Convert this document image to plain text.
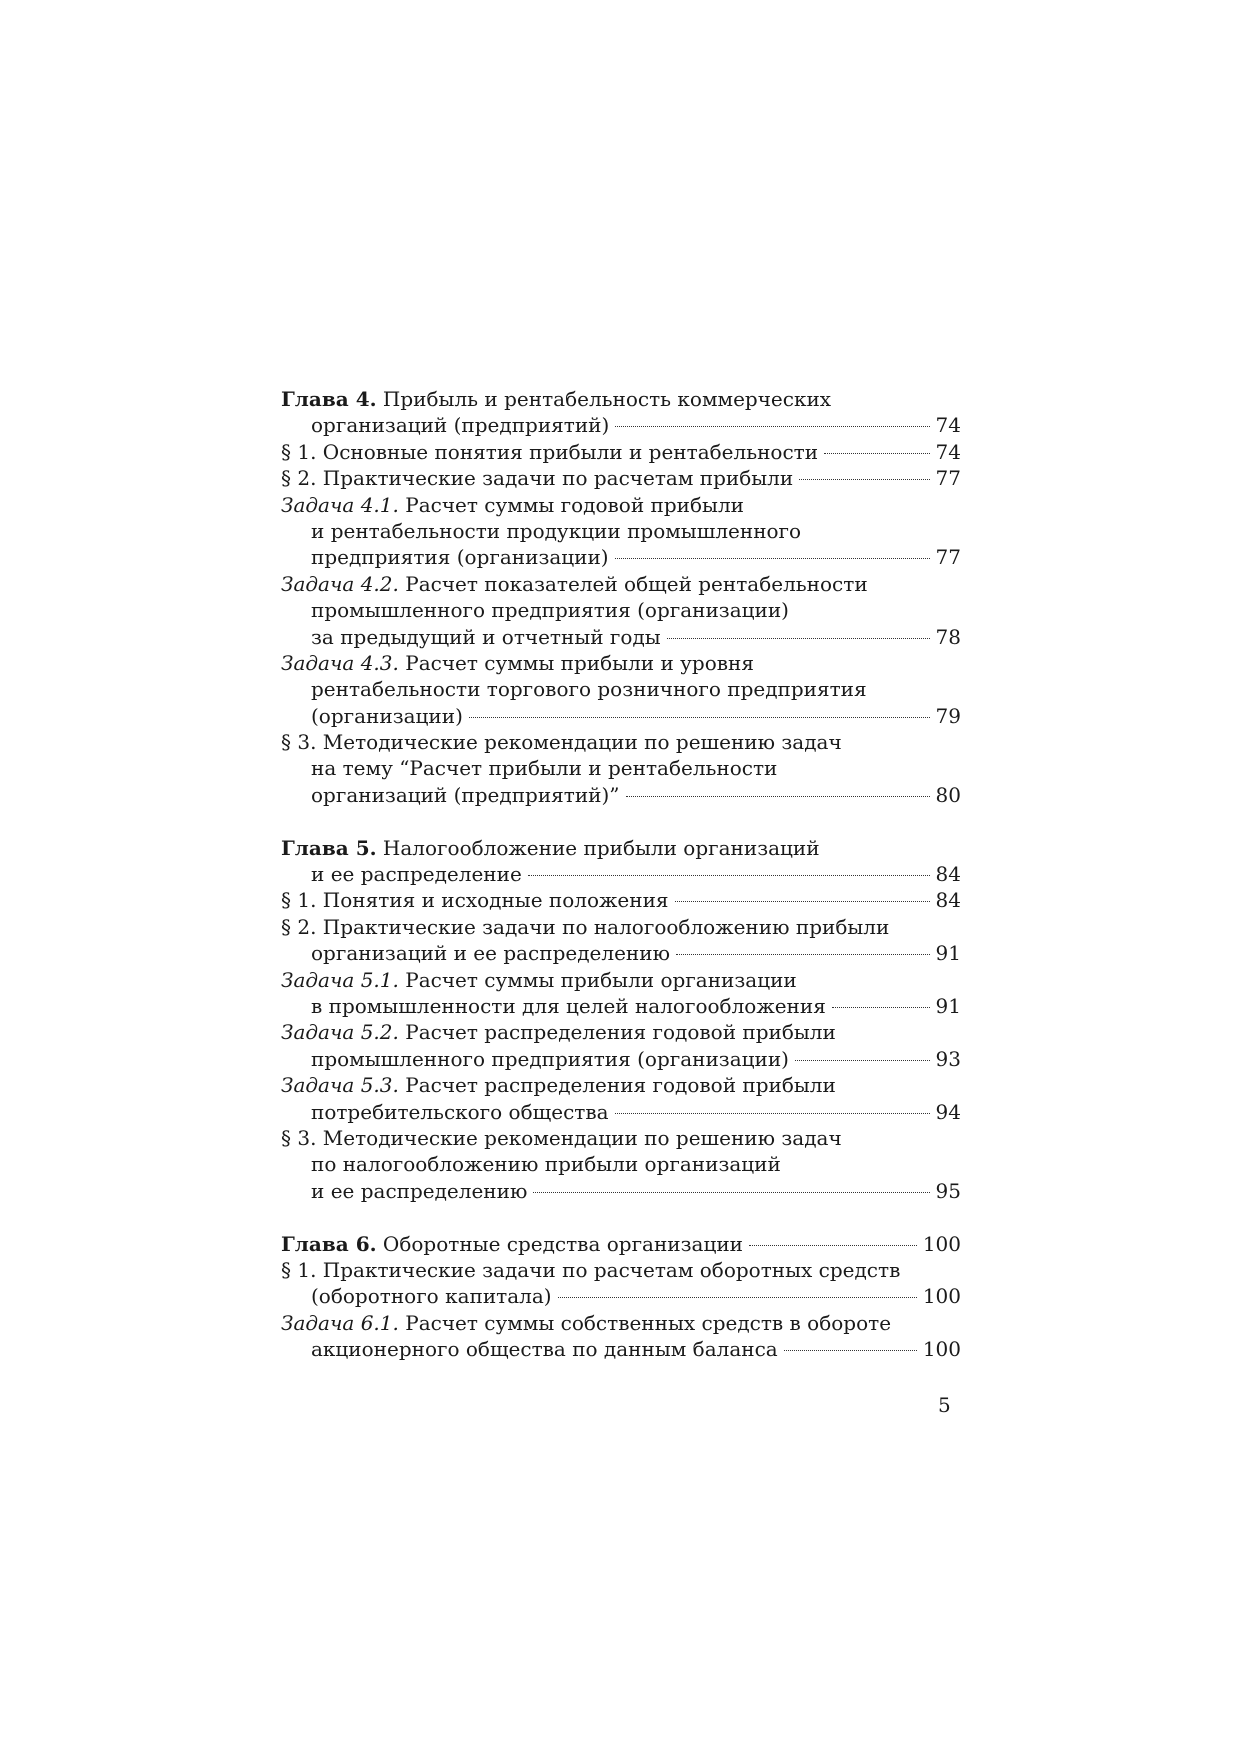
Глава 4. Прибыль и рентабельность коммерческих
организаций (предприятий)	74
§ 1. Основные понятия прибыли и рентабельности	74
§ 2. Практические задачи по расчетам прибыли	77
Задача 4.1. Расчет суммы годовой прибыли
и рентабельности продукции промышленного
предприятия (организации)	77
Задача 4.2. Расчет показателей общей рентабельности
промышленного предприятия (организации)
за предыдущий и отчетный годы	78
Задача 4.3. Расчет суммы прибыли и уровня
рентабельности торгового розничного предприятия
(организации)	79
§ 3. Методические рекомендации по решению задач
на тему “Расчет прибыли и рентабельности
организаций (предприятий)”	80
Глава 5. Налогообложение прибыли организаций
и ее распределение	84
§ 1. Понятия и исходные положения	84
§ 2. Практические задачи по налогообложению прибыли
организаций и ее распределению	91
Задача 5.1. Расчет суммы прибыли организации
в промышленности для целей налогообложения	91
Задача 5.2. Расчет распределения годовой прибыли
промышленного предприятия (организации)	93
Задача 5.3. Расчет распределения годовой прибыли
потребительского общества	94
§ 3. Методические рекомендации по решению задач
по налогообложению прибыли организаций
и ее распределению	95
Глава 6. Оборотные средства организации	100
§ 1. Практические задачи по расчетам оборотных средств
(оборотного капитала)	100
Задача 6.1. Расчет суммы собственных средств в обороте
акционерного общества по данным баланса	100
5
